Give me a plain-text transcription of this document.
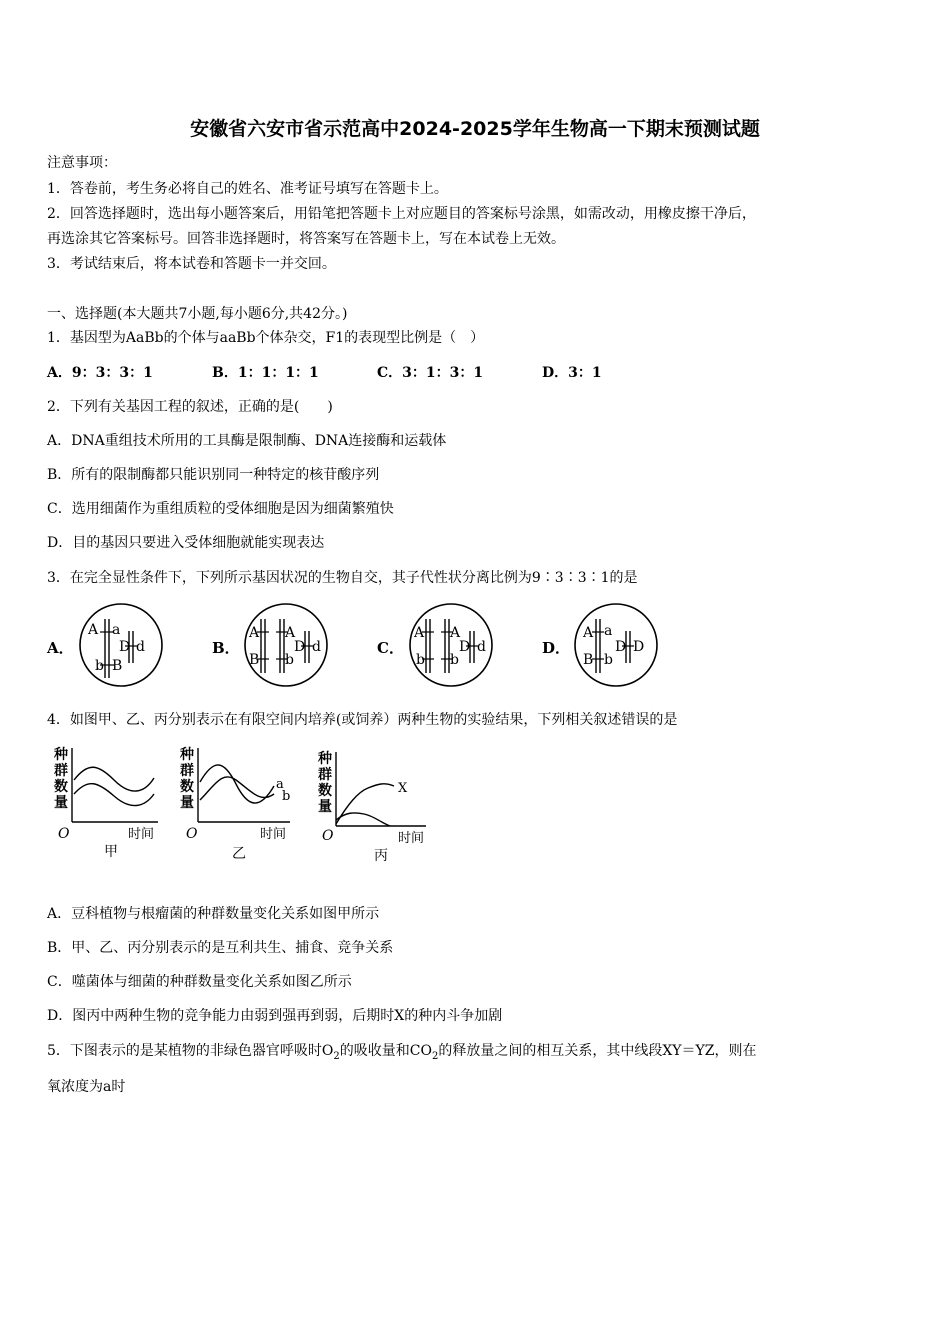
安徽省六安市省示范高中2024-2025学年生物高一下期末预测试题
注意事项：
1．答卷前，考生务必将自己的姓名、准考证号填写在答题卡上。
2．回答选择题时，选出每小题答案后，用铅笔把答题卡上对应题目的答案标号涂黑，如需改动，用橡皮擦干净后，
再选涂其它答案标号。回答非选择题时，将答案写在答题卡上，写在本试卷上无效。
3．考试结束后，将本试卷和答题卡一并交回。
一、选择题(本大题共7小题,每小题6分,共42分。)
1．基因型为AaBb的个体与aaBb个体杂交，F1的表现型比例是（　）
A．9：3：3：1	B．1：1：1：1	C．3：1：3：1	D．3：1
2．下列有关基因工程的叙述，正确的是(　　)
A．DNA重组技术所用的工具酶是限制酶、DNA连接酶和运载体
B．所有的限制酶都只能识别同一种特定的核苷酸序列
C．选用细菌作为重组质粒的受体细胞是因为细菌繁殖快
D．目的基因只要进入受体细胞就能实现表达
3．在完全显性条件下，下列所示基因状况的生物自交，其子代性状分离比例为9∶3∶3∶1的是
A．	B．	C．	D．
A a
b B
D d
A A
B b
D d
A A
b b
D d
A a
B b
D D
4．如图甲、乙、丙分别表示在有限空间内培养(或饲养）两种生物的实验结果，下列相关叙述错误的是
种
群
数
量
O	时间
甲
种
群
数
量
a
b
O	时间
乙
种
群
数
量
X
O	时间
丙
A．豆科植物与根瘤菌的种群数量变化关系如图甲所示
B．甲、乙、丙分别表示的是互利共生、捕食、竞争关系
C．噬菌体与细菌的种群数量变化关系如图乙所示
D．图丙中两种生物的竞争能力由弱到强再到弱，后期时X的种内斗争加剧
5．下图表示的是某植物的非绿色器官呼吸时$O_2$的吸收量和$CO_2$的释放量之间的相互关系，其中线段XY＝YZ，则在
氧浓度为a时
